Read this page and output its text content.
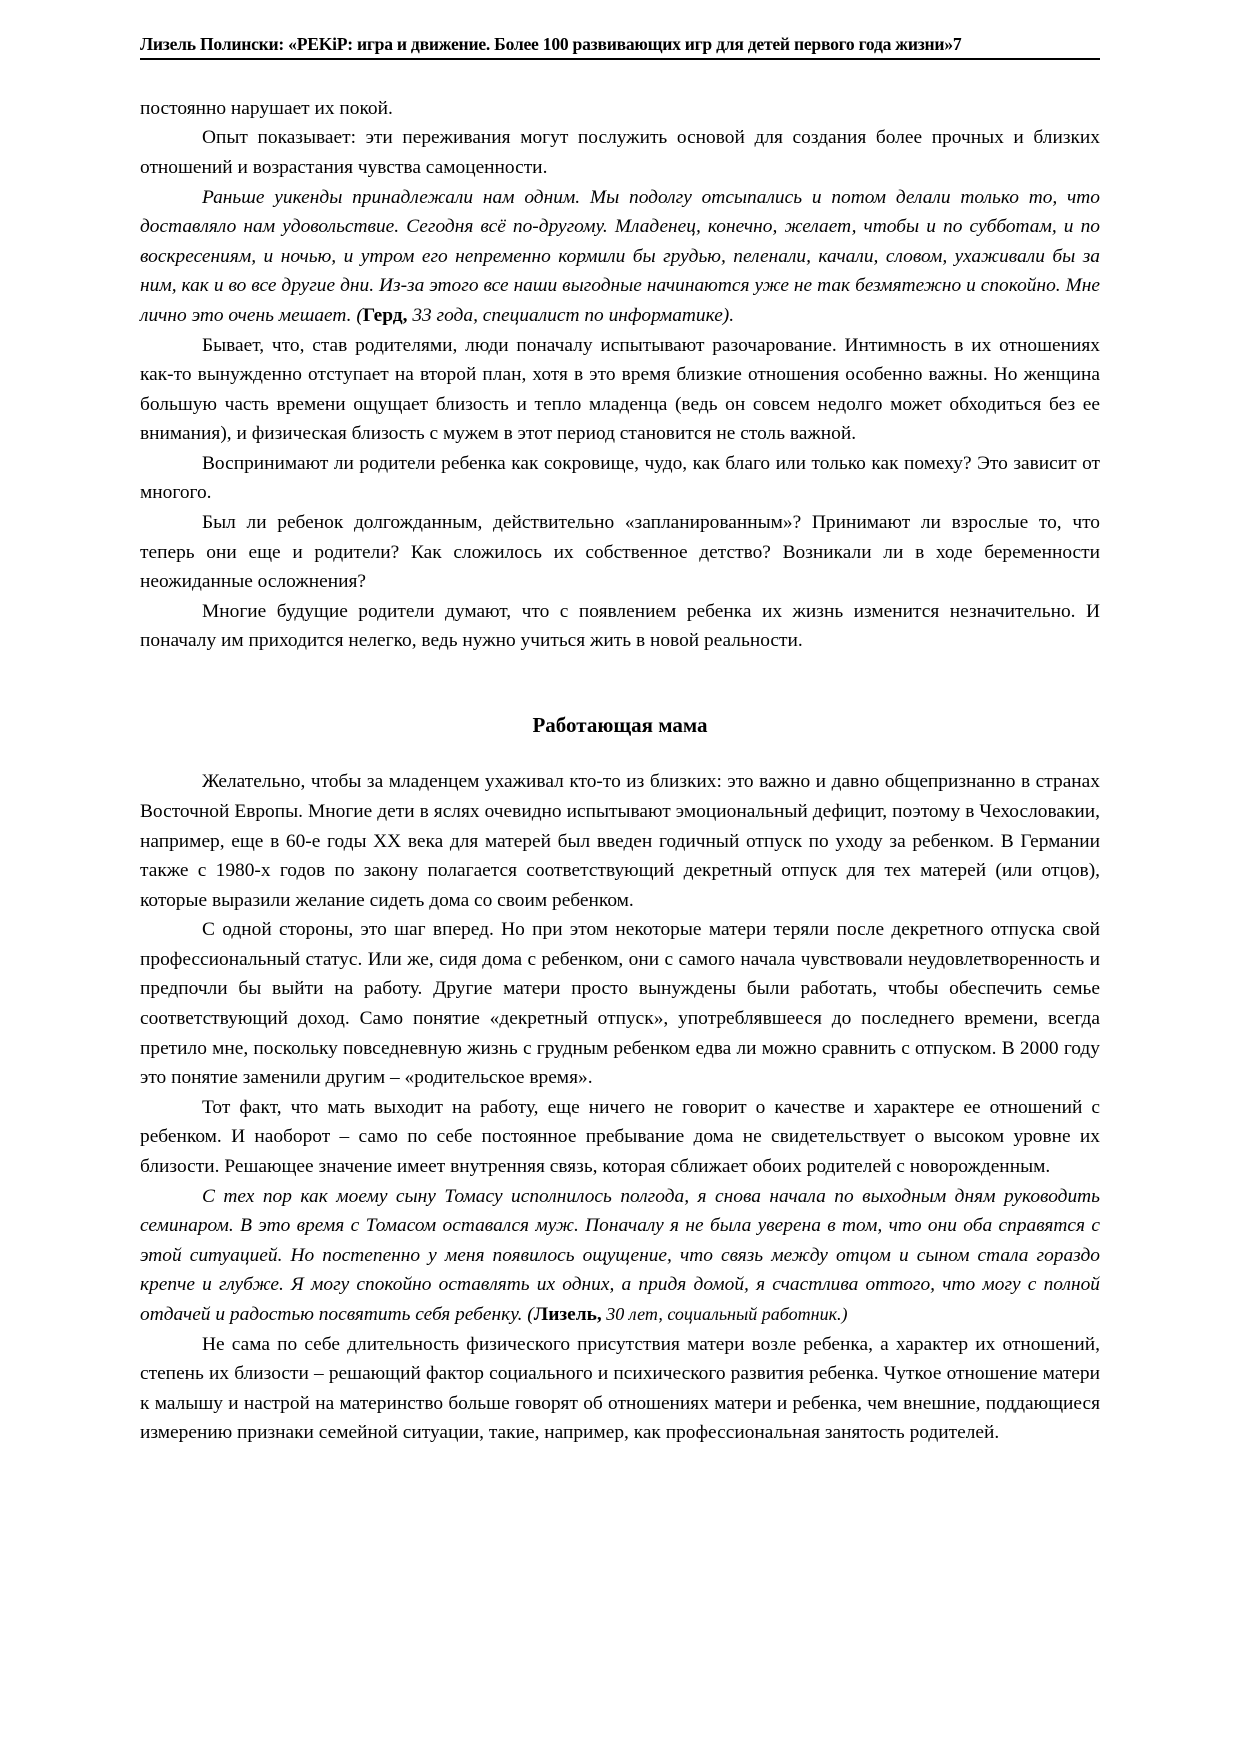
Лизель Полински: «PEKiP: игра и движение. Более 100 развивающих игр для детей первого года жизни»7

постоянно нарушает их покой.

Опыт показывает: эти переживания могут послужить основой для создания более прочных и близких отношений и возрастания чувства самоценности.

Раньше уикенды принадлежали нам одним. Мы подолгу отсыпались и потом делали только то, что доставляло нам удовольствие. Сегодня всё по-другому. Младенец, конечно, желает, чтобы и по субботам, и по воскресениям, и ночью, и утром его непременно кормили бы грудью, пеленали, качали, словом, ухаживали бы за ним, как и во все другие дни. Из-за этого все наши выгодные начинаются уже не так безмятежно и спокойно. Мне лично это очень мешает. (Герд, 33 года, специалист по информатике).

Бывает, что, став родителями, люди поначалу испытывают разочарование. Интимность в их отношениях как-то вынужденно отступает на второй план, хотя в это время близкие отношения особенно важны. Но женщина большую часть времени ощущает близость и тепло младенца (ведь он совсем недолго может обходиться без ее внимания), и физическая близость с мужем в этот период становится не столь важной.

Воспринимают ли родители ребенка как сокровище, чудо, как благо или только как помеху? Это зависит от многого.

Был ли ребенок долгожданным, действительно «запланированным»? Принимают ли взрослые то, что теперь они еще и родители? Как сложилось их собственное детство? Возникали ли в ходе беременности неожиданные осложнения?

Многие будущие родители думают, что с появлением ребенка их жизнь изменится незначительно. И поначалу им приходится нелегко, ведь нужно учиться жить в новой реальности.

Работающая мама

Желательно, чтобы за младенцем ухаживал кто-то из близких: это важно и давно общепризнанно в странах Восточной Европы. Многие дети в яслях очевидно испытывают эмоциональный дефицит, поэтому в Чехословакии, например, еще в 60-е годы XX века для матерей был введен годичный отпуск по уходу за ребенком. В Германии также с 1980-х годов по закону полагается соответствующий декретный отпуск для тех матерей (или отцов), которые выразили желание сидеть дома со своим ребенком.

С одной стороны, это шаг вперед. Но при этом некоторые матери теряли после декретного отпуска свой профессиональный статус. Или же, сидя дома с ребенком, они с самого начала чувствовали неудовлетворенность и предпочли бы выйти на работу. Другие матери просто вынуждены были работать, чтобы обеспечить семье соответствующий доход. Само понятие «декретный отпуск», употреблявшееся до последнего времени, всегда претило мне, поскольку повседневную жизнь с грудным ребенком едва ли можно сравнить с отпуском. В 2000 году это понятие заменили другим – «родительское время».

Тот факт, что мать выходит на работу, еще ничего не говорит о качестве и характере ее отношений с ребенком. И наоборот – само по себе постоянное пребывание дома не свидетельствует о высоком уровне их близости. Решающее значение имеет внутренняя связь, которая сближает обоих родителей с новорожденным.

С тех пор как моему сыну Томасу исполнилось полгода, я снова начала по выходным дням руководить семинаром. В это время с Томасом оставался муж. Поначалу я не была уверена в том, что они оба справятся с этой ситуацией. Но постепенно у меня появилось ощущение, что связь между отцом и сыном стала гораздо крепче и глубже. Я могу спокойно оставлять их одних, а придя домой, я счастлива оттого, что могу с полной отдачей и радостью посвятить себя ребенку. (Лизель, 30 лет, социальный работник.)

Не сама по себе длительность физического присутствия матери возле ребенка, а характер их отношений, степень их близости – решающий фактор социального и психического развития ребенка. Чуткое отношение матери к малышу и настрой на материнство больше говорят об отношениях матери и ребенка, чем внешние, поддающиеся измерению признаки семейной ситуации, такие, например, как профессиональная занятость родителей.
